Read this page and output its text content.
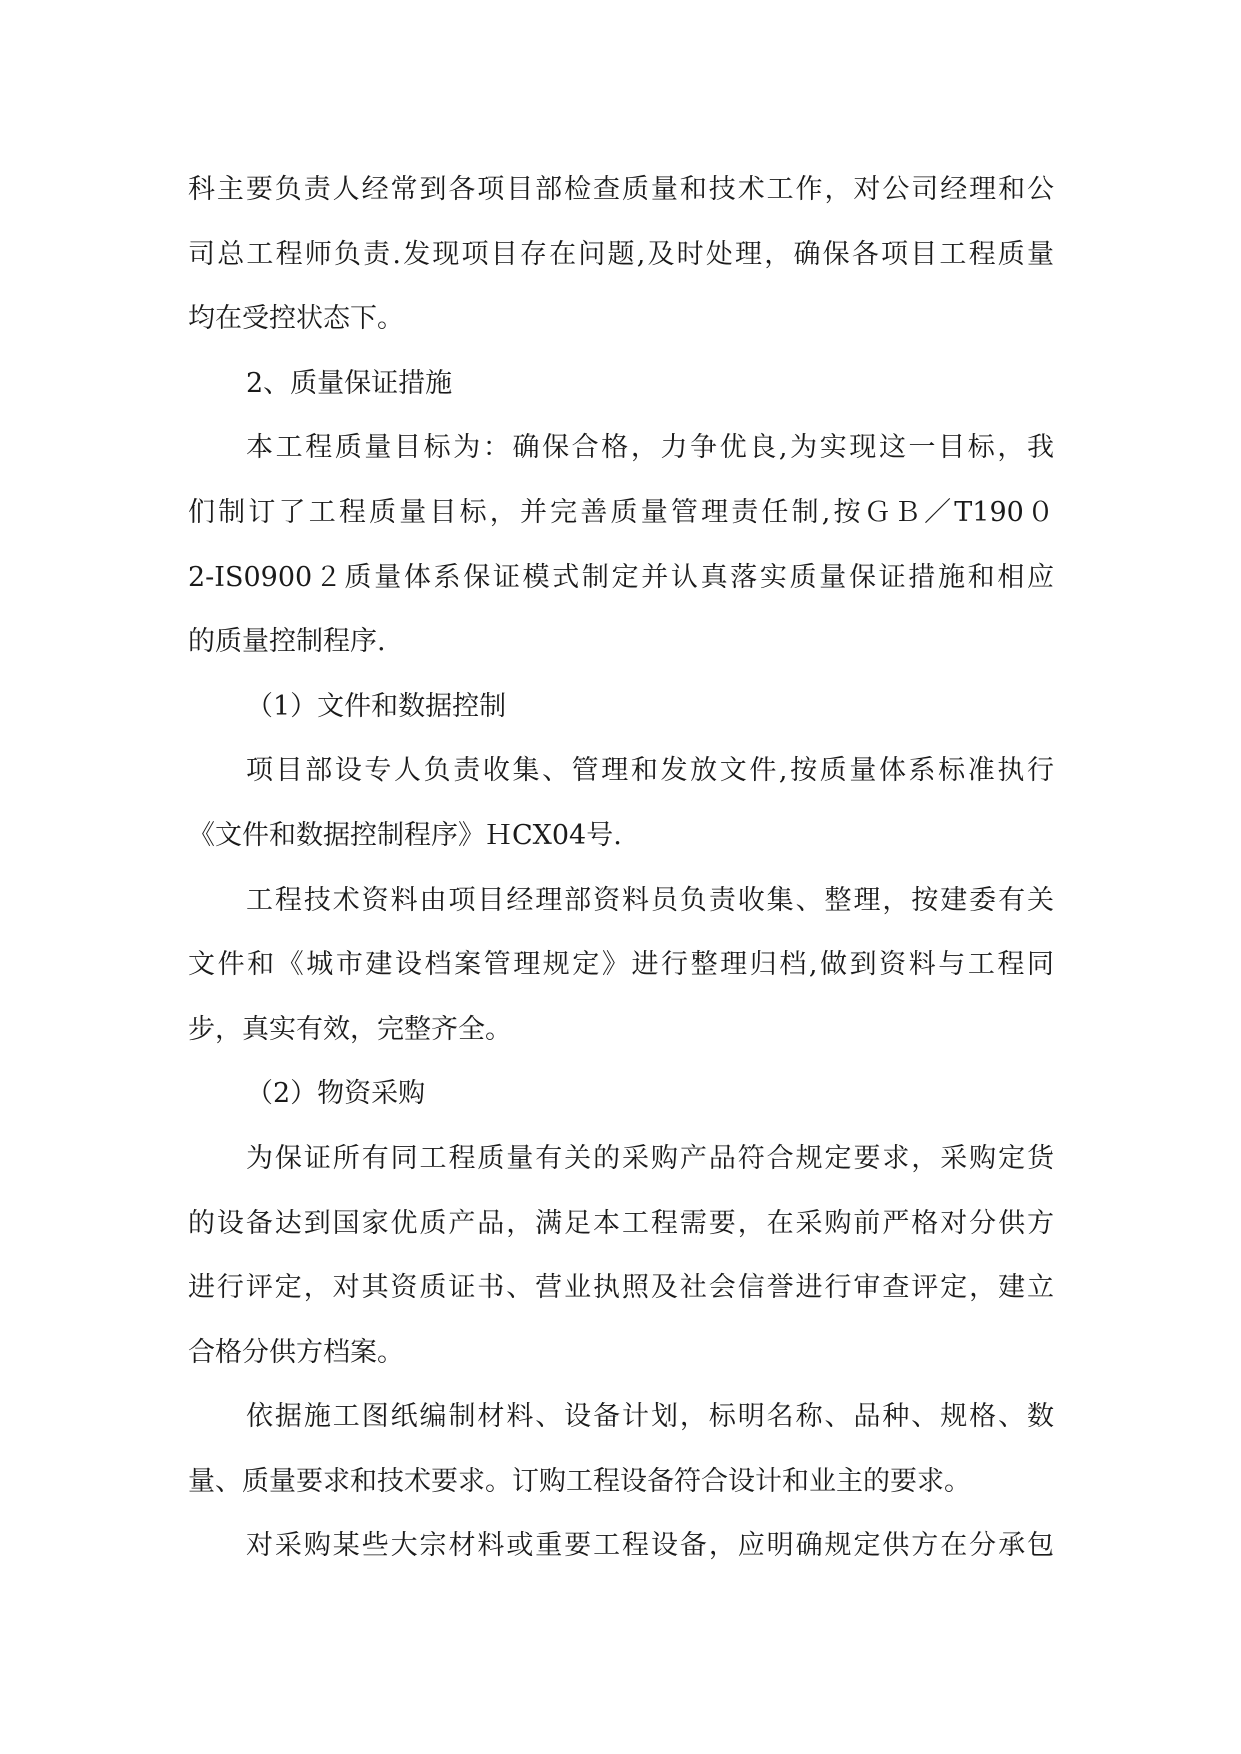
科主要负责人经常到各项目部检查质量和技术工作，对公司经理和公
司总工程师负责.发现项目存在问题,及时处理，确保各项目工程质量
均在受控状态下。
2、质量保证措施
本工程质量目标为：确保合格，力争优良,为实现这一目标，我
们制订了工程质量目标，并完善质量管理责任制,按ＧＢ／T190０
2-IS0900２质量体系保证模式制定并认真落实质量保证措施和相应
的质量控制程序.
（1）文件和数据控制
项目部设专人负责收集、管理和发放文件,按质量体系标准执行
《文件和数据控制程序》ＨCX04号.
工程技术资料由项目经理部资料员负责收集、整理，按建委有关
文件和《城市建设档案管理规定》进行整理归档,做到资料与工程同
步，真实有效，完整齐全。
（2）物资采购
为保证所有同工程质量有关的采购产品符合规定要求，采购定货
的设备达到国家优质产品，满足本工程需要，在采购前严格对分供方
进行评定，对其资质证书、营业执照及社会信誉进行审查评定，建立
合格分供方档案。
依据施工图纸编制材料、设备计划，标明名称、品种、规格、数
量、质量要求和技术要求。订购工程设备符合设计和业主的要求。
对采购某些大宗材料或重要工程设备，应明确规定供方在分承包
